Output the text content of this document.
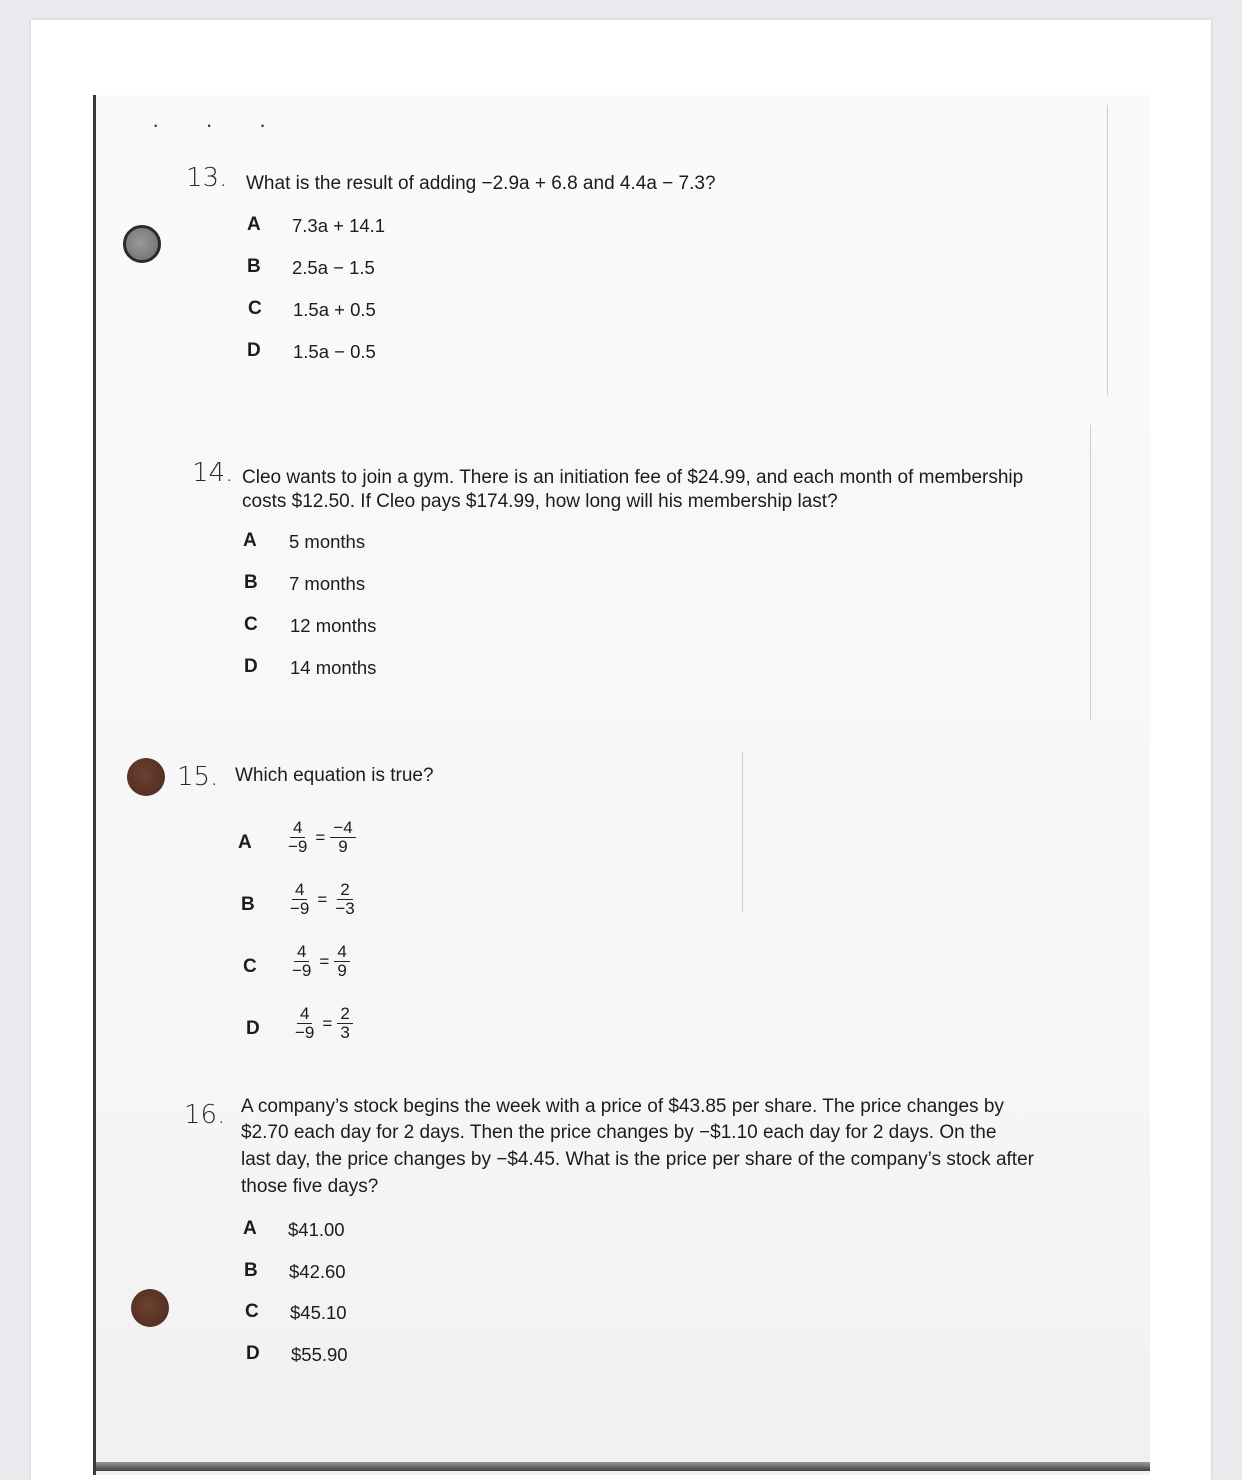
· · ·
13. What is the result of adding −2.9a + 6.8 and 4.4a − 7.3?
A 7.3a + 14.1
B 2.5a − 1.5
C 1.5a + 0.5
D 1.5a − 0.5
14. Cleo wants to join a gym. There is an initiation fee of $24.99, and each month of membership
costs $12.50. If Cleo pays $174.99, how long will his membership last?
A 5 months
B 7 months
C 12 months
D 14 months
15. Which equation is true?
A $\frac{4}{-9} = \frac{-4}{9}$
B $\frac{4}{-9} = \frac{2}{-3}$
C $\frac{4}{-9} = \frac{4}{9}$
D $\frac{4}{-9} = \frac{2}{3}$
16. A company’s stock begins the week with a price of $43.85 per share. The price changes by
$2.70 each day for 2 days. Then the price changes by −$1.10 each day for 2 days. On the
last day, the price changes by −$4.45. What is the price per share of the company’s stock after
those five days?
A $41.00
B $42.60
C $45.10
D $55.90
